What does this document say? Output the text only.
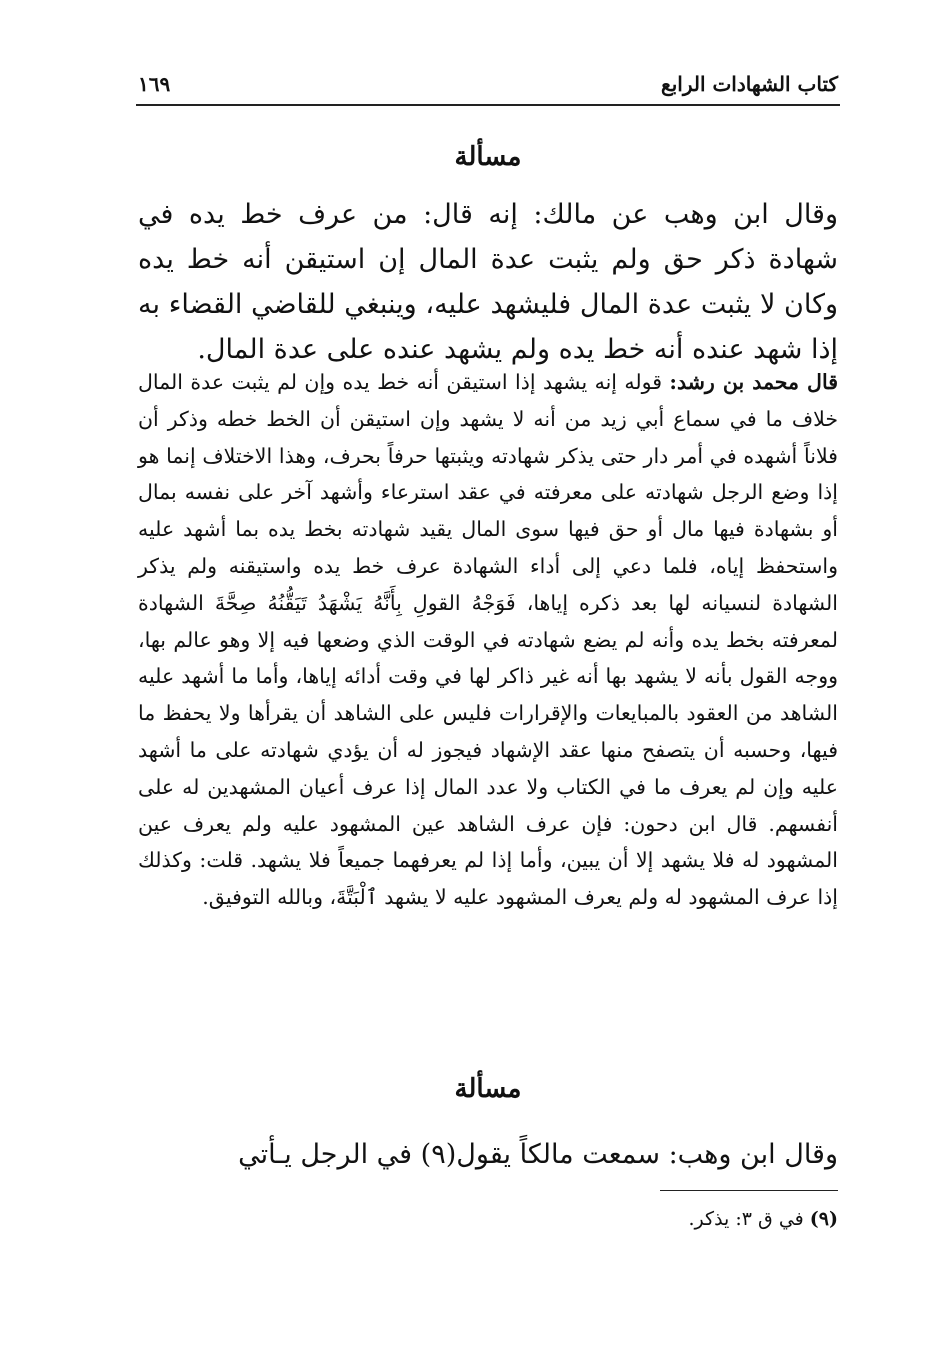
كتاب الشهادات الرابع
١٦٩
مسألة
وقال ابن وهب عن مالك: إنه قال: من عرف خط يده في شهادة ذكر حق ولم يثبت عدة المال إن استيقن أنه خط يده وكان لا يثبت عدة المال فليشهد عليه، وينبغي للقاضي القضاء به إذا شهد عنده أنه خط يده ولم يشهد عنده على عدة المال.
قال محمد بن رشد: قوله إنه يشهد إذا استيقن أنه خط يده وإن لم يثبت عدة المال خلاف ما في سماع أبي زيد من أنه لا يشهد وإن استيقن أن الخط خطه وذكر أن فلاناً أشهده في أمر دار حتى يذكر شهادته ويثبتها حرفاً بحرف، وهذا الاختلاف إنما هو إذا وضع الرجل شهادته على معرفته في عقد استرعاء وأشهد آخر على نفسه بمال أو بشهادة فيها مال أو حق فيها سوى المال يقيد شهادته بخط يده بما أشهد عليه واستحفظ إياه، فلما دعي إلى أداء الشهادة عرف خط يده واستيقنه ولم يذكر الشهادة لنسيانه لها بعد ذكره إياها، فَوَجْهُ القولِ بِأَنَّهُ يَشْهَدُ تَيَقُّنُهُ صِحَّةَ الشهادة لمعرفته بخط يده وأنه لم يضع شهادته في الوقت الذي وضعها فيه إلا وهو عالم بها، ووجه القول بأنه لا يشهد بها أنه غير ذاكر لها في وقت أدائه إياها، وأما ما أشهد عليه الشاهد من العقود بالمبايعات والإقرارات فليس على الشاهد أن يقرأها ولا يحفظ ما فيها، وحسبه أن يتصفح منها عقد الإشهاد فيجوز له أن يؤدي شهادته على ما أشهد عليه وإن لم يعرف ما في الكتاب ولا عدد المال إذا عرف أعيان المشهدين له على أنفسهم. قال ابن دحون: فإن عرف الشاهد عين المشهود عليه ولم يعرف عين المشهود له فلا يشهد إلا أن يبين، وأما إذا لم يعرفهما جميعاً فلا يشهد. قلت: وكذلك إذا عرف المشهود له ولم يعرف المشهود عليه لا يشهد ٱلْبَتَّةَ، وبالله التوفيق.
مسألة
وقال ابن وهب: سمعت مالكاً يقول(٩) في الرجل يـأتي
(٩) في ق ٣: يذكر.
